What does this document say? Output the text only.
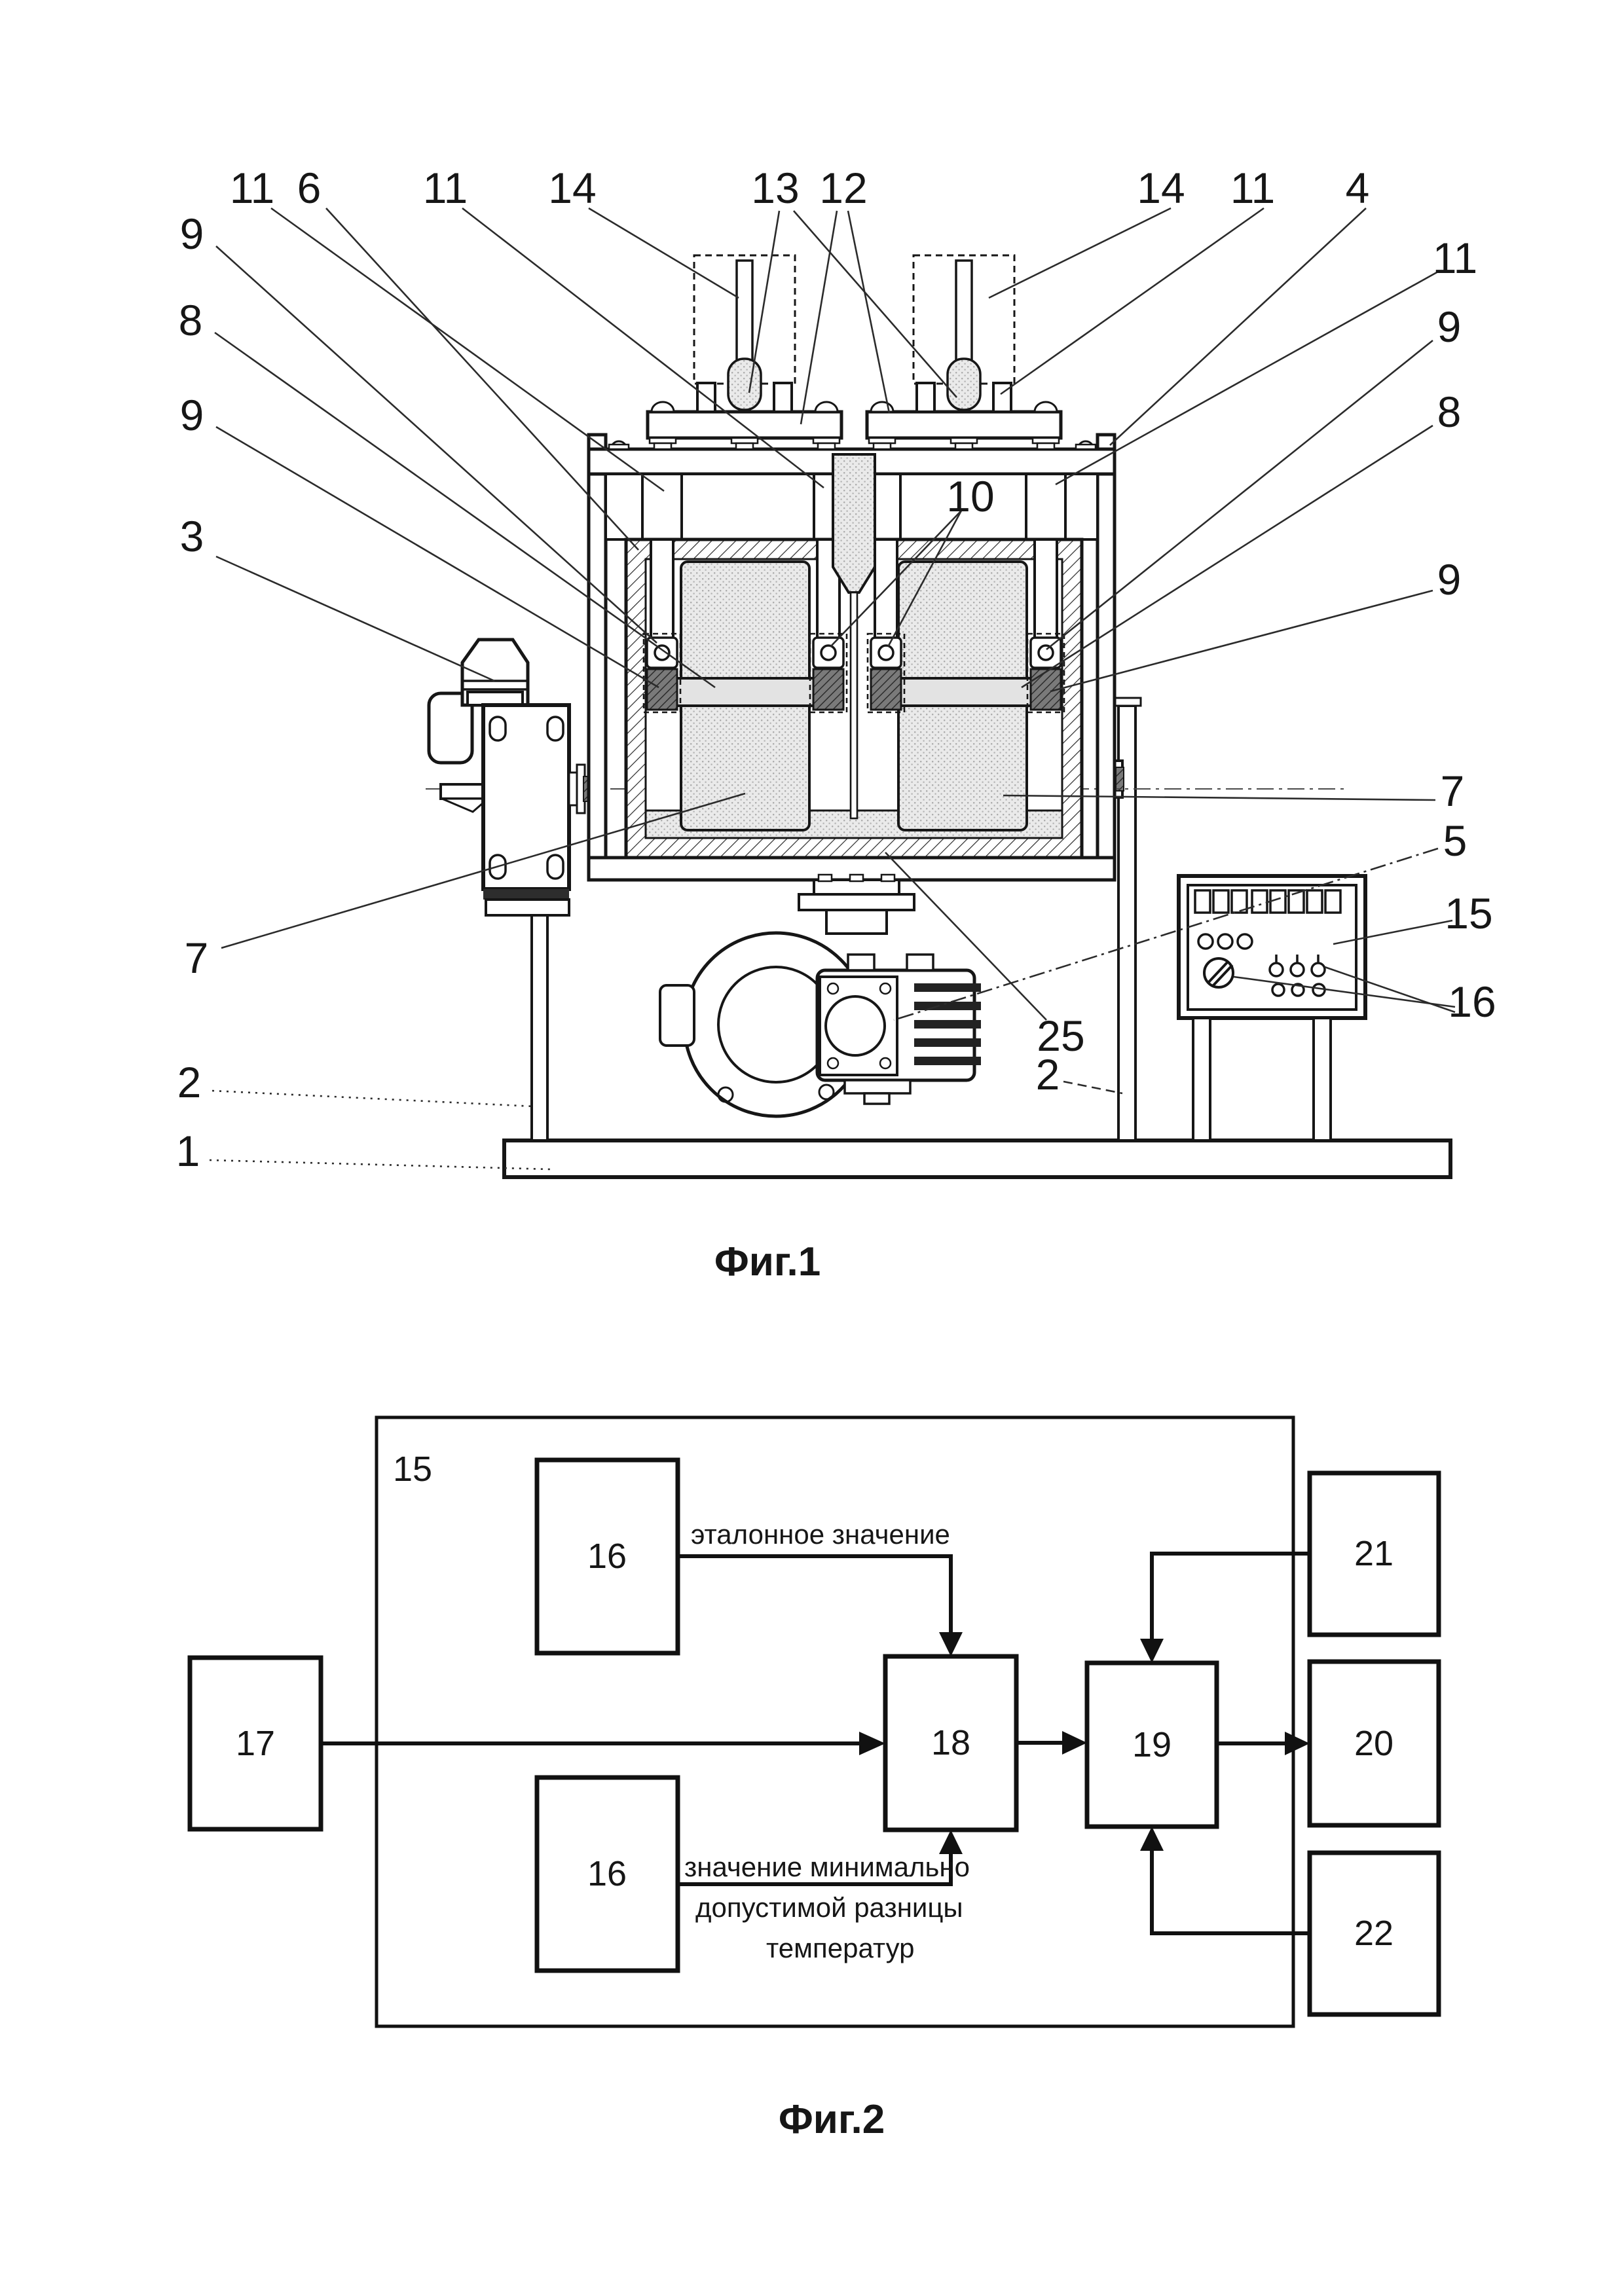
11 6 11 14	13 12	14 11 4
9
8
9
3
7
2
1
11
9
8
9
7
5
15
16
10
25
2
Фиг.1
15
17
16
16
18	19	20
21
22
эталонное значение
значение минимально
допустимой разницы
температур
Фиг.2
